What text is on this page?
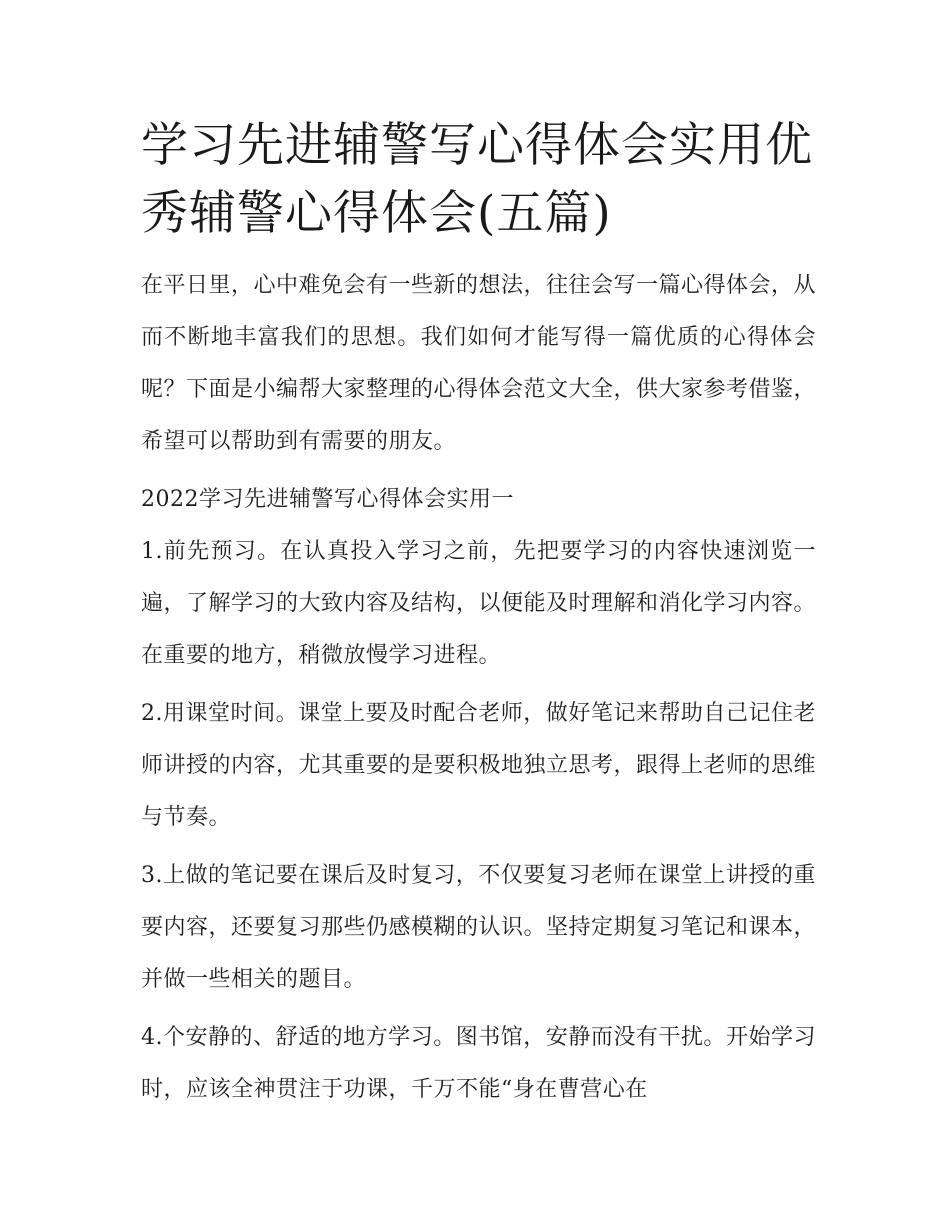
学习先进辅警写心得体会实用优秀辅警心得体会(五篇)

在平日里，心中难免会有一些新的想法，往往会写一篇心得体会，从而不断地丰富我们的思想。我们如何才能写得一篇优质的心得体会呢？下面是小编帮大家整理的心得体会范文大全，供大家参考借鉴，希望可以帮助到有需要的朋友。

2022学习先进辅警写心得体会实用一

1.前先预习。在认真投入学习之前，先把要学习的内容快速浏览一遍，了解学习的大致内容及结构，以便能及时理解和消化学习内容。在重要的地方，稍微放慢学习进程。

2.用课堂时间。课堂上要及时配合老师，做好笔记来帮助自己记住老师讲授的内容，尤其重要的是要积极地独立思考，跟得上老师的思维与节奏。

3.上做的笔记要在课后及时复习，不仅要复习老师在课堂上讲授的重要内容，还要复习那些仍感模糊的认识。坚持定期复习笔记和课本，并做一些相关的题目。

4.个安静的、舒适的地方学习。图书馆，安静而没有干扰。开始学习时，应该全神贯注于功课，千万不能“身在曹营心在
